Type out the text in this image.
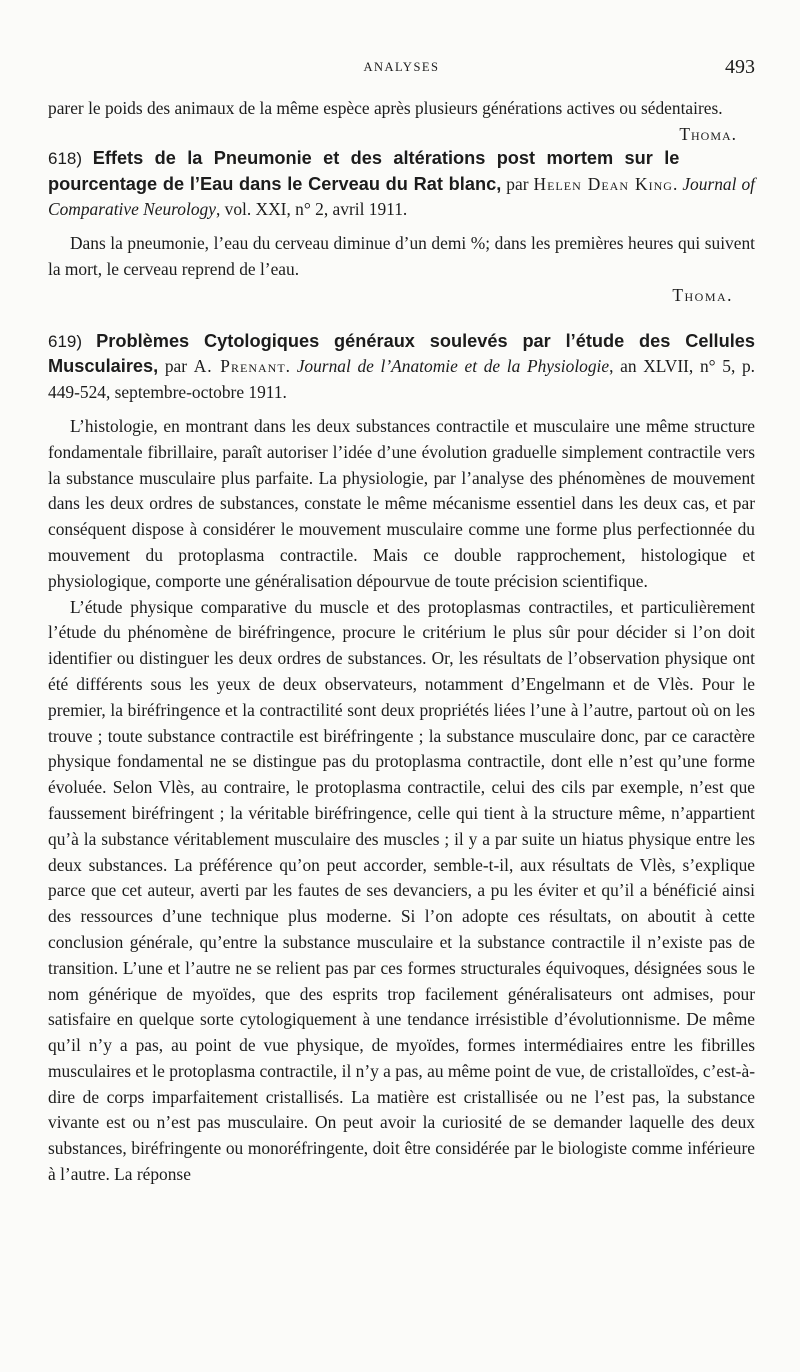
ANALYSES	493

parer le poids des animaux de la même espèce après plusieurs générations actives ou sédentaires.
Thoma.

618) Effets de la Pneumonie et des altérations post mortem sur le pourcentage de l’Eau dans le Cerveau du Rat blanc, par Helen Dean King. Journal of Comparative Neurology, vol. XXI, n° 2, avril 1911.

Dans la pneumonie, l’eau du cerveau diminue d’un demi %; dans les premières heures qui suivent la mort, le cerveau reprend de l’eau.

Thoma.

619) Problèmes Cytologiques généraux soulevés par l’étude des Cellules Musculaires, par A. Prenant. Journal de l’Anatomie et de la Physiologie, an XLVII, n° 5, p. 449-524, septembre-octobre 1911.

L’histologie, en montrant dans les deux substances contractile et musculaire une même structure fondamentale fibrillaire, paraît autoriser l’idée d’une évolution graduelle simplement contractile vers la substance musculaire plus parfaite. La physiologie, par l’analyse des phénomènes de mouvement dans les deux ordres de substances, constate le même mécanisme essentiel dans les deux cas, et par conséquent dispose à considérer le mouvement musculaire comme une forme plus perfectionnée du mouvement du protoplasma contractile. Mais ce double rapprochement, histologique et physiologique, comporte une généralisation dépourvue de toute précision scientifique.

L’étude physique comparative du muscle et des protoplasmas contractiles, et particulièrement l’étude du phénomène de biréfringence, procure le critérium le plus sûr pour décider si l’on doit identifier ou distinguer les deux ordres de substances. Or, les résultats de l’observation physique ont été différents sous les yeux de deux observateurs, notamment d’Engelmann et de Vlès. Pour le premier, la biréfringence et la contractilité sont deux propriétés liées l’une à l’autre, partout où on les trouve ; toute substance contractile est biréfringente ; la substance musculaire donc, par ce caractère physique fondamental ne se distingue pas du protoplasma contractile, dont elle n’est qu’une forme évoluée. Selon Vlès, au contraire, le protoplasma contractile, celui des cils par exemple, n’est que faussement biréfringent ; la véritable biréfringence, celle qui tient à la structure même, n’appartient qu’à la substance véritablement musculaire des muscles ; il y a par suite un hiatus physique entre les deux substances. La préférence qu’on peut accorder, semble-t-il, aux résultats de Vlès, s’explique parce que cet auteur, averti par les fautes de ses devanciers, a pu les éviter et qu’il a bénéficié ainsi des ressources d’une technique plus moderne. Si l’on adopte ces résultats, on aboutit à cette conclusion générale, qu’entre la substance musculaire et la substance contractile il n’existe pas de transition. L’une et l’autre ne se relient pas par ces formes structurales équivoques, désignées sous le nom générique de myoïdes, que des esprits trop facilement généralisateurs ont admises, pour satisfaire en quelque sorte cytologiquement à une tendance irrésistible d’évolutionnisme. De même qu’il n’y a pas, au point de vue physique, de myoïdes, formes intermédiaires entre les fibrilles musculaires et le protoplasma contractile, il n’y a pas, au même point de vue, de cristalloïdes, c’est-à-dire de corps imparfaitement cristallisés. La matière est cristallisée ou ne l’est pas, la substance vivante est ou n’est pas musculaire. On peut avoir la curiosité de se demander laquelle des deux substances, biréfringente ou monoréfringente, doit être considérée par le biologiste comme inférieure à l’autre. La réponse
